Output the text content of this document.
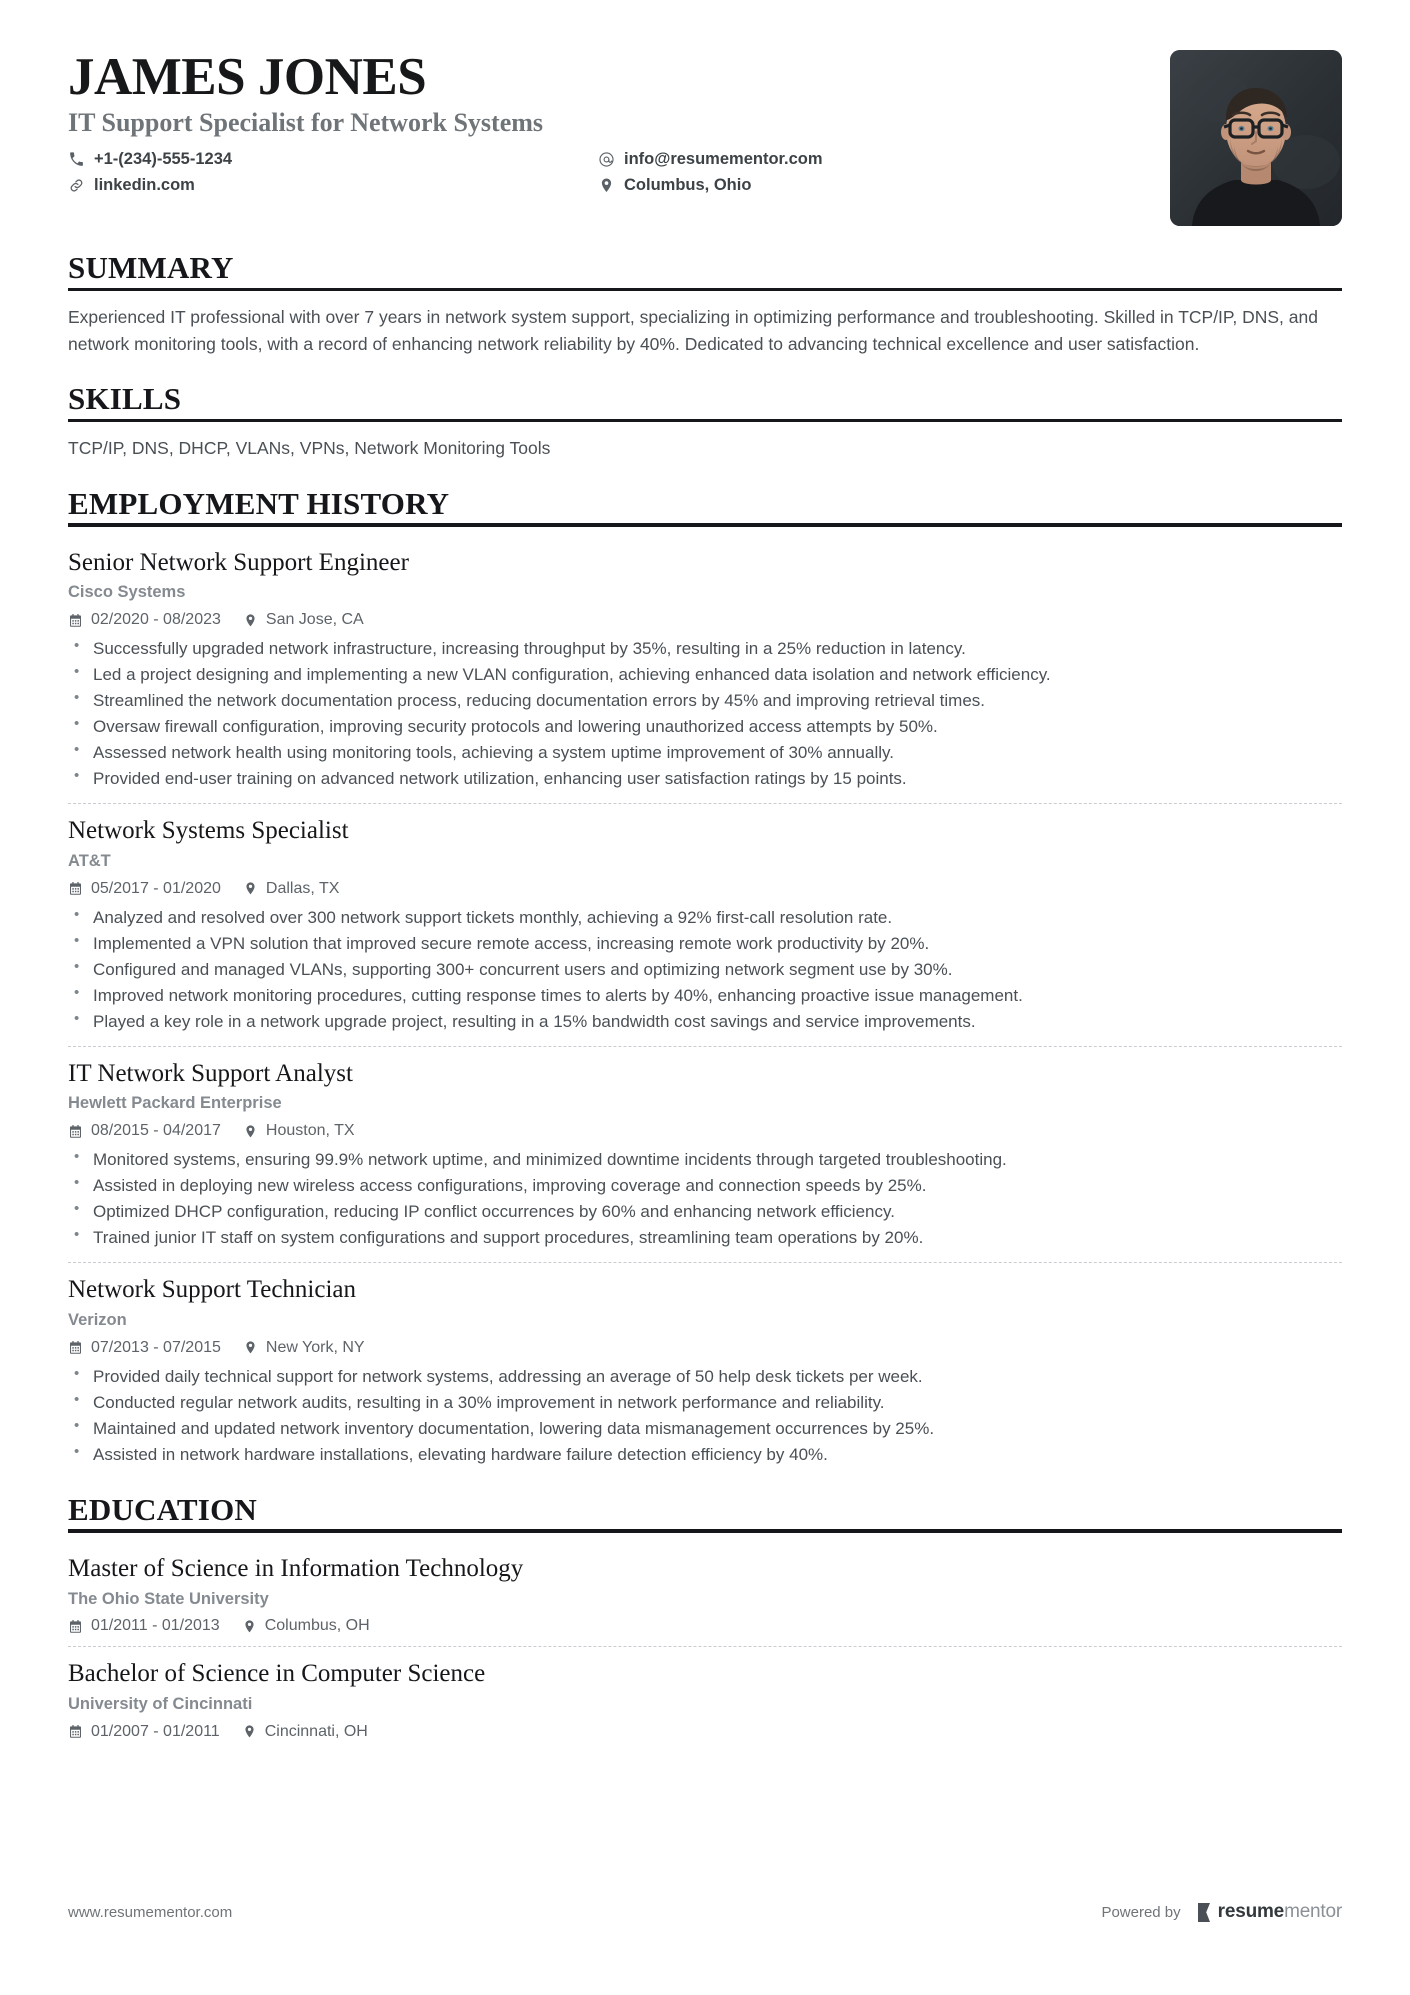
JAMES JONES
IT Support Specialist for Network Systems
+1-(234)-555-1234	info@resumementor.com
linkedin.com	Columbus, Ohio
SUMMARY

Experienced IT professional with over 7 years in network system support, specializing in optimizing performance and troubleshooting. Skilled in TCP/IP, DNS, and network monitoring tools, with a record of enhancing network reliability by 40%. Dedicated to advancing technical excellence and user satisfaction.

SKILLS
TCP/IP, DNS, DHCP, VLANs, VPNs, Network Monitoring Tools
EMPLOYMENT HISTORY
Senior Network Support Engineer
Cisco Systems
02/2020 - 08/2023	San Jose, CA
• Successfully upgraded network infrastructure, increasing throughput by 35%, resulting in a 25% reduction in latency.
• Led a project designing and implementing a new VLAN configuration, achieving enhanced data isolation and network efficiency.
• Streamlined the network documentation process, reducing documentation errors by 45% and improving retrieval times.
• Oversaw firewall configuration, improving security protocols and lowering unauthorized access attempts by 50%.
• Assessed network health using monitoring tools, achieving a system uptime improvement of 30% annually.
• Provided end-user training on advanced network utilization, enhancing user satisfaction ratings by 15 points.
Network Systems Specialist
AT&T
05/2017 - 01/2020	Dallas, TX
• Analyzed and resolved over 300 network support tickets monthly, achieving a 92% first-call resolution rate.
• Implemented a VPN solution that improved secure remote access, increasing remote work productivity by 20%.
• Configured and managed VLANs, supporting 300+ concurrent users and optimizing network segment use by 30%.
• Improved network monitoring procedures, cutting response times to alerts by 40%, enhancing proactive issue management.
• Played a key role in a network upgrade project, resulting in a 15% bandwidth cost savings and service improvements.
IT Network Support Analyst
Hewlett Packard Enterprise
08/2015 - 04/2017	Houston, TX
• Monitored systems, ensuring 99.9% network uptime, and minimized downtime incidents through targeted troubleshooting.
• Assisted in deploying new wireless access configurations, improving coverage and connection speeds by 25%.
• Optimized DHCP configuration, reducing IP conflict occurrences by 60% and enhancing network efficiency.
• Trained junior IT staff on system configurations and support procedures, streamlining team operations by 20%.
Network Support Technician
Verizon
07/2013 - 07/2015	New York, NY
• Provided daily technical support for network systems, addressing an average of 50 help desk tickets per week.
• Conducted regular network audits, resulting in a 30% improvement in network performance and reliability.
• Maintained and updated network inventory documentation, lowering data mismanagement occurrences by 25%.
• Assisted in network hardware installations, elevating hardware failure detection efficiency by 40%.
EDUCATION
Master of Science in Information Technology
The Ohio State University
01/2011 - 01/2013	Columbus, OH
Bachelor of Science in Computer Science
University of Cincinnati
01/2007 - 01/2011	Cincinnati, OH
www.resumementor.com	Powered by resumementor
